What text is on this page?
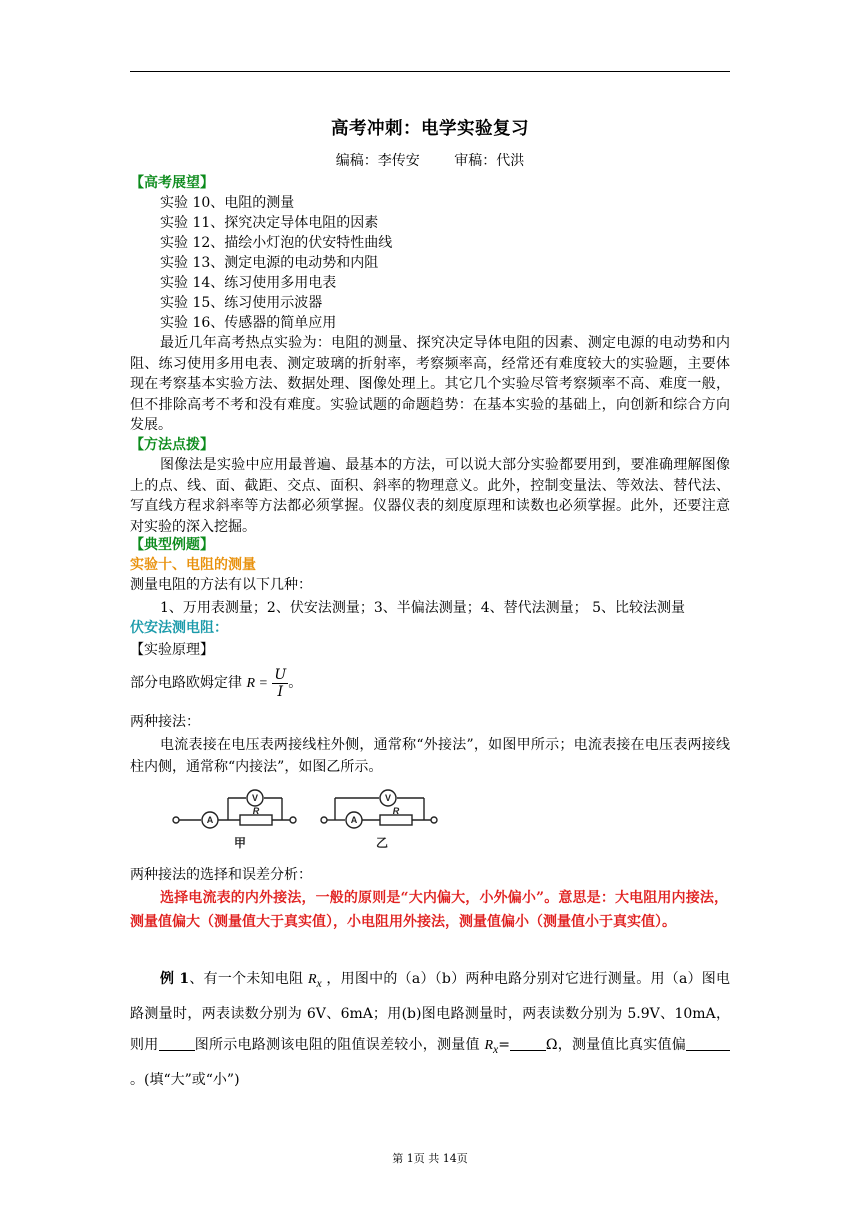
高考冲刺：电学实验复习
编稿：李传安 审稿：代洪
【高考展望】
实验 10、电阻的测量
实验 11、探究决定导体电阻的因素
实验 12、描绘小灯泡的伏安特性曲线
实验 13、测定电源的电动势和内阻
实验 14、练习使用多用电表
实验 15、练习使用示波器
实验 16、传感器的简单应用
最近几年高考热点实验为：电阻的测量、探究决定导体电阻的因素、测定电源的电动势和内阻、练习使用多用电表、测定玻璃的折射率，考察频率高，经常还有难度较大的实验题，主要体现在考察基本实验方法、数据处理、图像处理上。其它几个实验尽管考察频率不高、难度一般，但不排除高考不考和没有难度。实验试题的命题趋势：在基本实验的基础上，向创新和综合方向发展。
【方法点拨】
图像法是实验中应用最普遍、最基本的方法，可以说大部分实验都要用到，要准确理解图像上的点、线、面、截距、交点、面积、斜率的物理意义。此外，控制变量法、等效法、替代法、写直线方程求斜率等方法都必须掌握。仪器仪表的刻度原理和读数也必须掌握。此外，还要注意对实验的深入挖掘。
【典型例题】
实验十、电阻的测量
测量电阻的方法有以下几种：
1、万用表测量；2、伏安法测量；3、半偏法测量；4、替代法测量； 5、比较法测量
伏安法测电阻：
【实验原理】
部分电路欧姆定律 $R = \frac{U}{I}$ 。
两种接法：
电流表接在电压表两接线柱外侧，通常称“外接法”，如图甲所示；电流表接在电压表两接线柱内侧，通常称“内接法”，如图乙所示。
A
V
R
甲
A
V
R
乙
两种接法的选择和误差分析：
选择电流表的内外接法，一般的原则是“大内偏大，小外偏小”。意思是：大电阻用内接法，测量值偏大（测量值大于真实值），小电阻用外接法，测量值偏小（测量值小于真实值）。
例 1、有一个未知电阻 $R_x$ ，用图中的（a）（b）两种电路分别对它进行测量。用（a）图电路测量时，两表读数分别为 6V、6mA；用(b)图电路测量时，两表读数分别为 5.9V、10mA，则用	图所示电路测该电阻的阻值误差较小，测量值 $R_x=$	Ω，测量值比真实值偏。(填“大”或“小”)
第 1页 共 14页
